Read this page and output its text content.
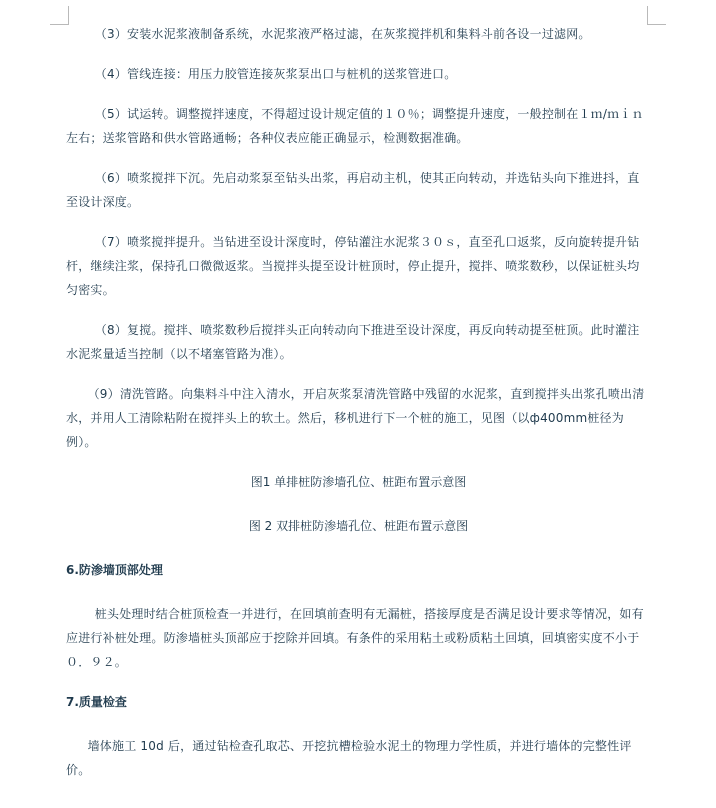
（3）安装水泥浆液制备系统，水泥浆液严格过滤，在灰浆搅拌机和集料斗前各设一过滤网。

（4）管线连接：用压力胶管连接灰浆泵出口与桩机的送浆管进口。

（5）试运转。调整搅拌速度，不得超过设计规定值的１０％；调整提升速度，一般控制在１ｍ/ｍｉｎ左右；送浆管路和供水管路通畅；各种仪表应能正确显示，检测数据准确。

（6）喷浆搅拌下沉。先启动浆泵至钻头出浆，再启动主机，使其正向转动，并选钻头向下推进抖，直至设计深度。

（7）喷浆搅拌提升。当钻进至设计深度时，停钻灌注水泥浆３０ｓ，直至孔口返浆，反向旋转提升钻杆，继续注浆，保持孔口微微返浆。当搅拌头提至设计桩顶时，停止提升，搅拌、喷浆数秒，以保证桩头均匀密实。

（8）复搅。搅拌、喷浆数秒后搅拌头正向转动向下推进至设计深度，再反向转动提至桩顶。此时灌注水泥浆量适当控制（以不堵塞管路为准）。

（9）清洗管路。向集料斗中注入清水，开启灰浆泵清洗管路中残留的水泥浆，直到搅拌头出浆孔喷出清水，并用人工清除粘附在搅拌头上的软土。然后，移机进行下一个桩的施工，见图（以ф400mm桩径为例）。

图1 单排桩防渗墙孔位、桩距布置示意图

图 2 双排桩防渗墙孔位、桩距布置示意图

6.防渗墙顶部处理

桩头处理时结合桩顶检查一并进行，在回填前查明有无漏桩，搭接厚度是否满足设计要求等情况，如有应进行补桩处理。防渗墙桩头顶部应于挖除并回填。有条件的采用粘土或粉质粘土回填，回填密实度不小于０．９２。

7.质量检查

墙体施工 10d 后，通过钻检查孔取芯、开挖抗槽检验水泥土的物理力学性质，并进行墙体的完整性评价。
